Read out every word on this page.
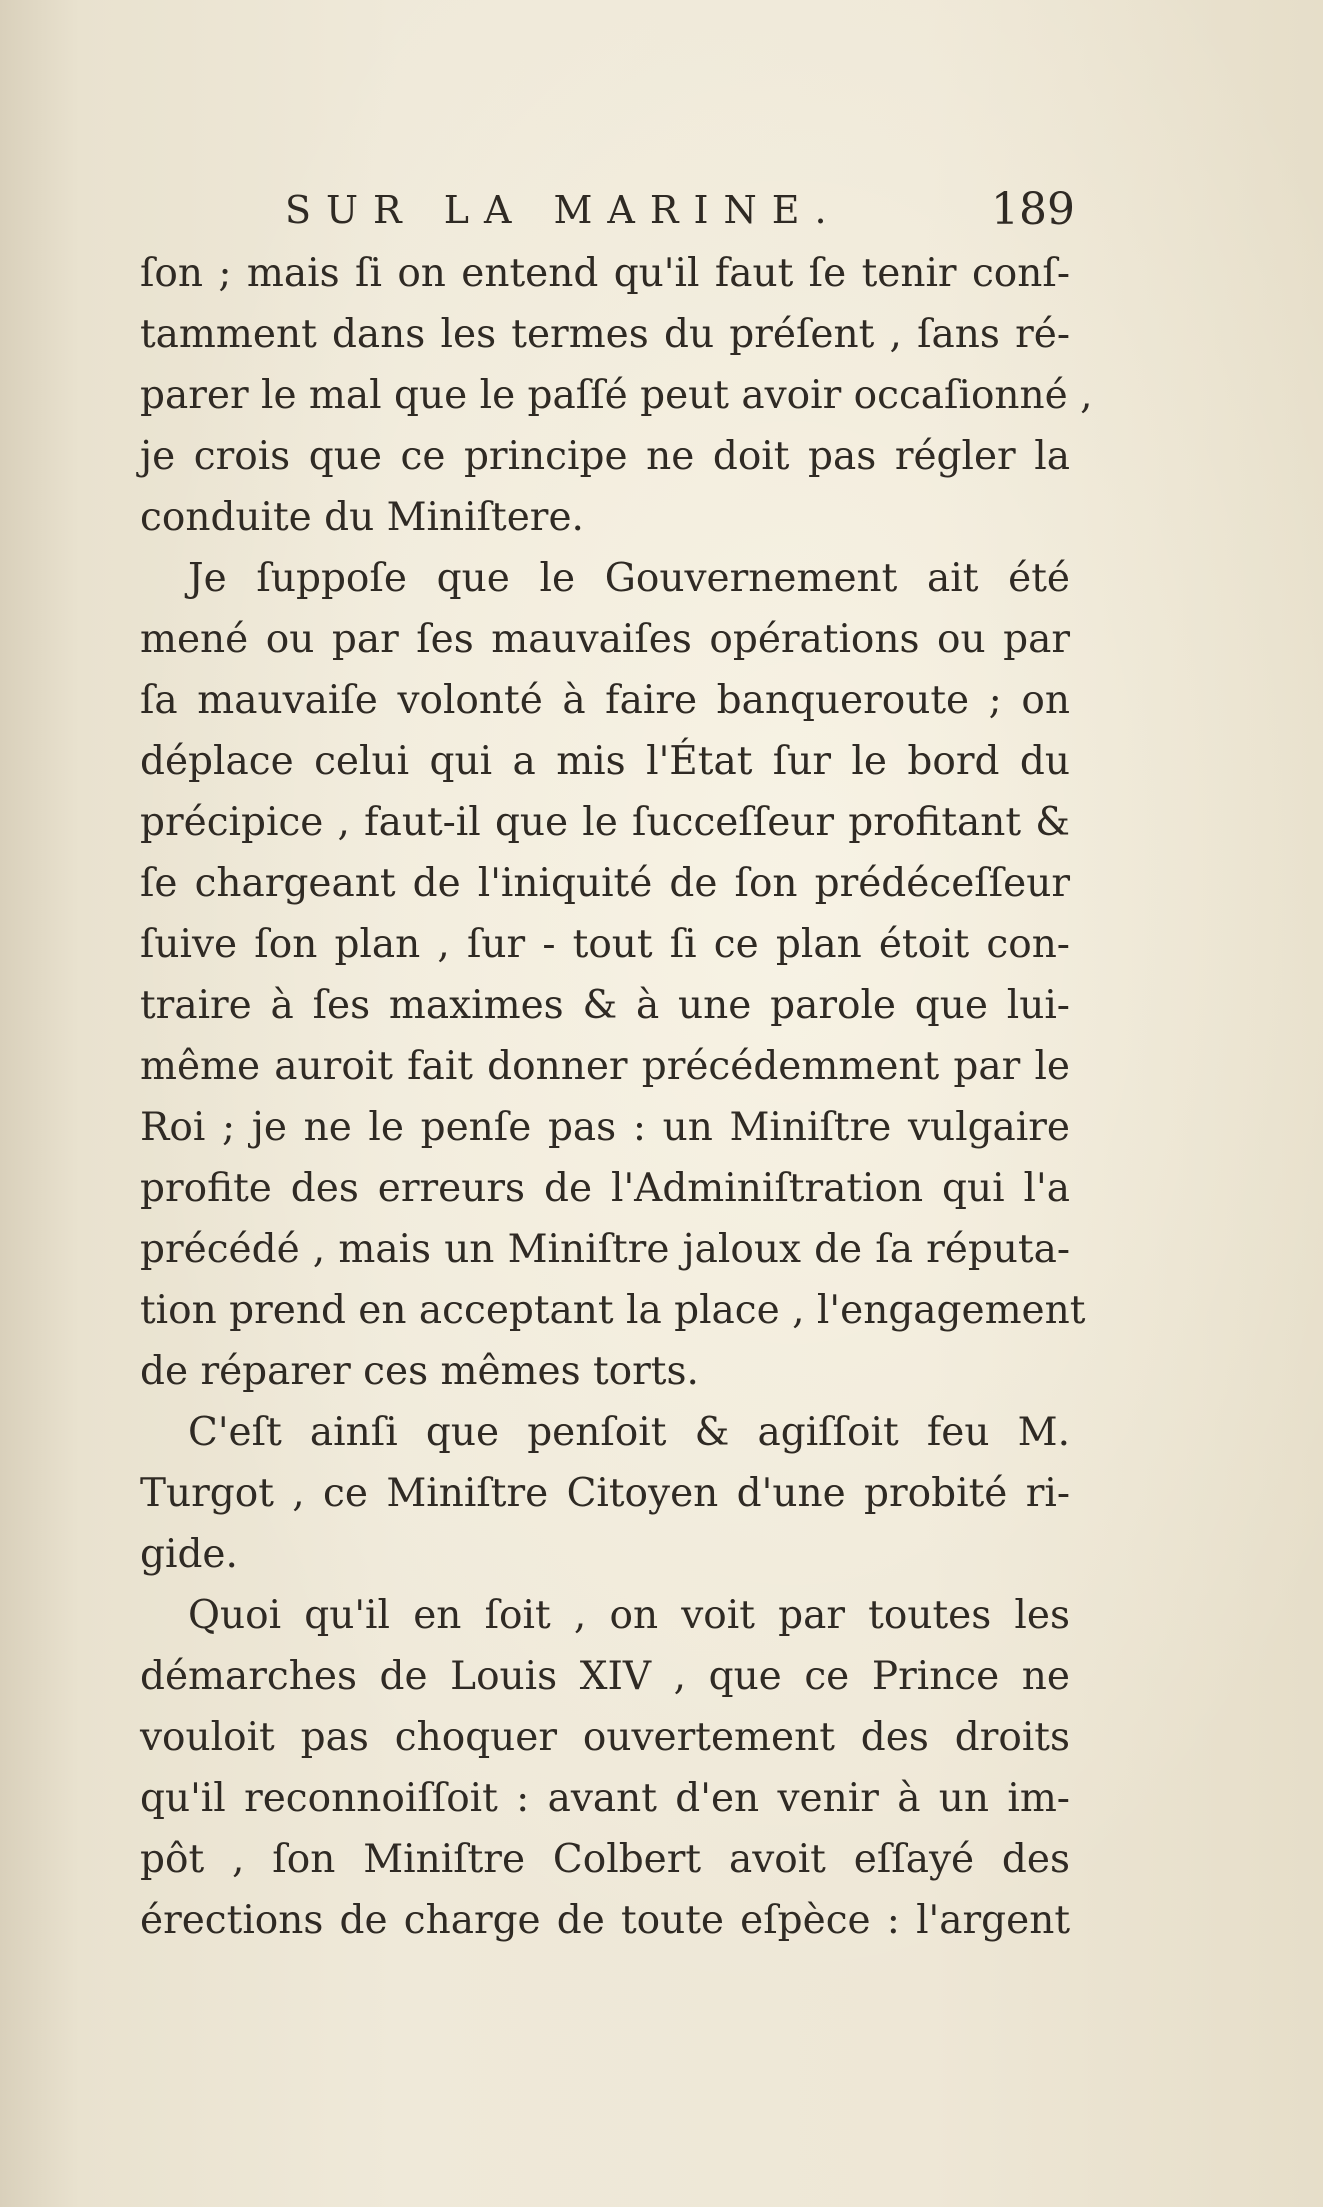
SUR LA MARINE.	189
ſon ; mais ſi on entend qu'il faut ſe tenir conſ-
tamment dans les termes du préſent , ſans ré-
parer le mal que le paſſé peut avoir occaſionné ,
je crois que ce principe ne doit pas régler la
conduite du Miniſtere.
Je ſuppoſe que le Gouvernement ait été
mené ou par ſes mauvaiſes opérations ou par
ſa mauvaiſe volonté à faire banqueroute ; on
déplace celui qui a mis l'État ſur le bord du
précipice , faut-il que le ſucceſſeur profitant &
ſe chargeant de l'iniquité de ſon prédéceſſeur
ſuive ſon plan , ſur - tout ſi ce plan étoit con-
traire à ſes maximes & à une parole que lui-
même auroit fait donner précédemment par le
Roi ; je ne le penſe pas : un Miniſtre vulgaire
profite des erreurs de l'Adminiſtration qui l'a
précédé , mais un Miniſtre jaloux de ſa réputa-
tion prend en acceptant la place , l'engagement
de réparer ces mêmes torts.
C'eſt ainſi que penſoit & agiſſoit feu M.
Turgot , ce Miniſtre Citoyen d'une probité ri-
gide.
Quoi qu'il en ſoit , on voit par toutes les
démarches de Louis XIV , que ce Prince ne
vouloit pas choquer ouvertement des droits
qu'il reconnoiſſoit : avant d'en venir à un im-
pôt , ſon Miniſtre Colbert avoit eſſayé des
érections de charge de toute eſpèce : l'argent
